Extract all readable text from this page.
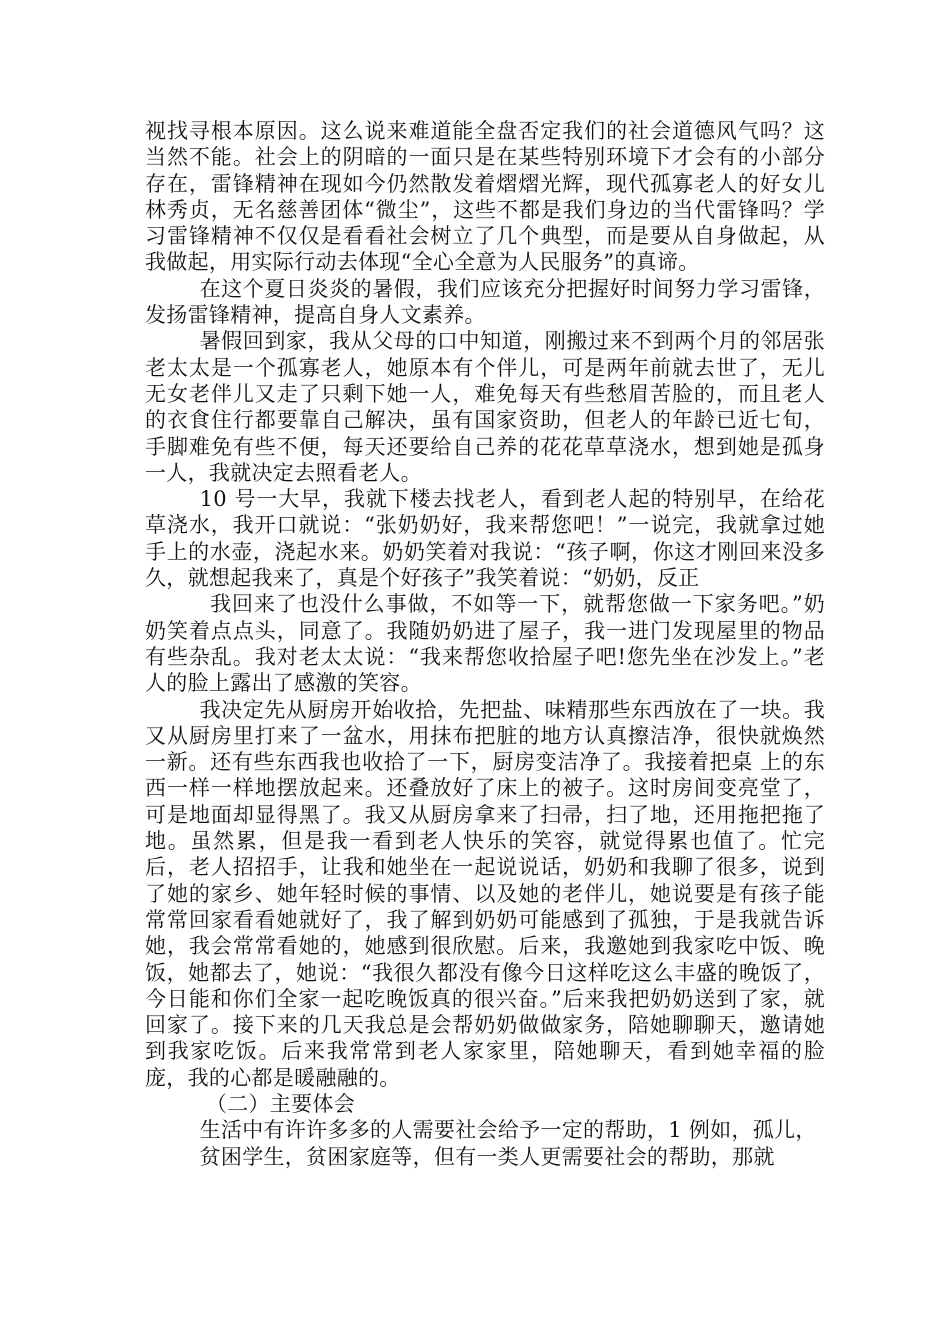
视找寻根本原因。这么说来难道能全盘否定我们的社会道德风气吗？这当然不能。社会上的阴暗的一面只是在某些特别环境下才会有的小部分存在，雷锋精神在现如今仍然散发着熠熠光辉，现代孤寡老人的好女儿林秀贞，无名慈善团体“微尘”，这些不都是我们身边的当代雷锋吗？学习雷锋精神不仅仅是看看社会树立了几个典型，而是要从自身做起，从我做起，用实际行动去体现“全心全意为人民服务”的真谛。

在这个夏日炎炎的暑假，我们应该充分把握好时间努力学习雷锋，发扬雷锋精神，提高自身人文素养。

暑假回到家，我从父母的口中知道，刚搬过来不到两个月的邻居张老太太是一个孤寡老人，她原本有个伴儿，可是两年前就去世了，无儿无女老伴儿又走了只剩下她一人，难免每天有些愁眉苦脸的，而且老人的衣食住行都要靠自己解决，虽有国家资助，但老人的年龄已近七旬，手脚难免有些不便，每天还要给自己养的花花草草浇水，想到她是孤身一人，我就决定去照看老人。

10 号一大早，我就下楼去找老人，看到老人起的特别早，在给花草浇水，我开口就说：“张奶奶好，我来帮您吧！”一说完，我就拿过她手上的水壶，浇起水来。奶奶笑着对我说：“孩子啊，你这才刚回来没多久，就想起我来了，真是个好孩子”我笑着说：“奶奶，反正

我回来了也没什么事做，不如等一下，就帮您做一下家务吧。”奶奶笑着点点头，同意了。我随奶奶进了屋子，我一进门发现屋里的物品有些杂乱。我对老太太说：“我来帮您收拾屋子吧!您先坐在沙发上。”老人的脸上露出了感激的笑容。

我决定先从厨房开始收拾，先把盐、味精那些东西放在了一块。我又从厨房里打来了一盆水，用抹布把脏的地方认真擦洁净，很快就焕然一新。还有些东西我也收拾了一下，厨房变洁净了。我接着把桌 上的东西一样一样地摆放起来。还叠放好了床上的被子。这时房间变亮堂了，可是地面却显得黑了。我又从厨房拿来了扫帚，扫了地，还用拖把拖了地。虽然累，但是我一看到老人快乐的笑容，就觉得累也值了。忙完后，老人招招手，让我和她坐在一起说说话，奶奶和我聊了很多，说到了她的家乡、她年轻时候的事情、以及她的老伴儿，她说要是有孩子能常常回家看看她就好了，我了解到奶奶可能感到了孤独，于是我就告诉她，我会常常看她的，她感到很欣慰。后来，我邀她到我家吃中饭、晚饭，她都去了，她说：“我很久都没有像今日这样吃这么丰盛的晚饭了，今日能和你们全家一起吃晚饭真的很兴奋。”后来我把奶奶送到了家，就回家了。接下来的几天我总是会帮奶奶做做家务，陪她聊聊天，邀请她到我家吃饭。后来我常常到老人家家里，陪她聊天，看到她幸福的脸庞，我的心都是暖融融的。

（二）主要体会

生活中有许许多多的人需要社会给予一定的帮助，1 例如，孤儿，

贫困学生，贫困家庭等，但有一类人更需要社会的帮助，那就
